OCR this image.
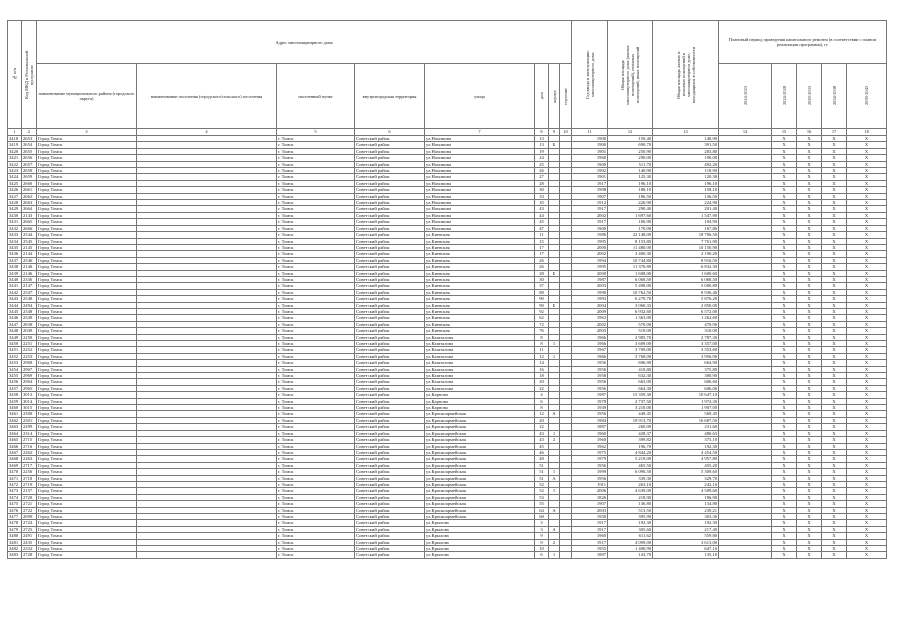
№ п/п	Код МКД в Региональной программе	Адрес многоквартирного дома								Год ввода в эксплуатацию многоквартирного дома	Общая площадь многоквартирного дома (жилых помещений), нежилых помещений, иных помещений	Общая площадь жилых и нежилых помещений в многоквартирном доме, находящихся в собственности	Плановый период проведения капитального ремонта (в соответствии с планом реализации программы), гг.				
		наименование муниципального района (городского округа)	наименование поселения (городского/сельского) поселения	населенный пункт	внутригородская территория	улица	дом	корпус	строение				2014-2023	2024-2028	2029-2033	2034-2038	2039-2043

1	2	3	4	5	6	7	8	9	10	11	12	13	14	15	16	17	18
3418	2653	Город Томск		г. Томск	Советский район	ул.Нахимова	13			1900	150,40	140,90		X	X	X	X
3419	2654	Город Томск		г. Томск	Советский район	ул.Нахимова	13	Б		1900	690,70	391,50		X	X	X	X
3420	2655	Город Томск		г. Томск	Советский район	ул.Нахимова	19			1901	250,90	283,80		X	X	X	X
3421	2656	Город Томск		г. Томск	Советский район	ул.Нахимова	24			1960	290,00	190,00		X	X	X	X
3422	2657	Город Томск		г. Томск	Советский район	ул.Нахимова	25			1900	511,70	492,20		X	X	X	X
3423	2658	Город Томск		г. Томск	Советский район	ул.Нахимова	26			1902	140,90	118,90		X	X	X	X
3424	2659	Город Томск		г. Томск	Советский район	ул.Нахимова	27			1901	125,30	120,30		X	X	X	X
3425	2660	Город Томск		г. Томск	Советский район	ул.Нахимова	28			1917	196,10	196,10		X	X	X	X
3426	2661	Город Томск		г. Томск	Советский район	ул.Нахимова	30			1908	188,10	158,10		X	X	X	X
3427	2662	Город Томск		г. Томск	Советский район	ул.Нахимова	33			1907	186,50	136,50		X	X	X	X
3428	2663	Город Томск		г. Томск	Советский район	ул.Нахимова	35			1912	226,90	224,90		X	X	X	X
3429	2664	Город Томск		г. Томск	Советский район	ул.Нахимова	43			1917	290,40	201,40		X	X	X	X
3430	2143	Город Томск		г. Томск	Советский район	ул.Нахимова	44			2002	1 697,60	1 547,90		X	X	X	X
3431	2665	Город Томск		г. Томск	Советский район	ул.Нахимова	45			1917	106,90	104,90		X	X	X	X
3432	2666	Город Томск		г. Томск	Советский район	ул.Нахимова	47			1900	170,00	167,80		X	X	X	X
3433	2544	Город Томск		г. Томск	Советский район	ул.Киевская	11			1986	22 148,00	18 706,50		X	X	X	X
3434	2545	Город Томск		г. Томск	Советский район	ул.Киевская	15			1995	8 153,80	7 761,90		X	X	X	X
3435	2145	Город Томск		г. Томск	Советский район	ул.Киевская	17			2000	11 480,00	10 150,90		X	X	X	X
3436	2144	Город Томск		г. Томск	Советский район	ул.Киевская	17			2002	2 400,30	2 190,20		X	X	X	X
3437	2546	Город Томск		г. Томск	Советский район	ул.Киевская	26			1994	10 744,80	8 916,50		X	X	X	X
3438	2146	Город Томск		г. Томск	Советский район	ул.Киевская	26			1995	11 370,80	6 832,30		X	X	X	X
3439	2146	Город Томск		г. Томск	Советский район	ул.Киевская	28	Б		2000	1 608,00	1 600,60		X	X	X	X
3440	2336	Город Томск		г. Томск	Советский район	ул.Киевская	30			1987	6 068,50	6 068,50		X	X	X	X
3441	2147	Город Томск		г. Томск	Советский район	ул.Киевская	37			2003	5 498,00	5 000,80		X	X	X	X
3442	2547	Город Томск		г. Томск	Советский район	ул.Киевская	88			1990	10 762,50	8 936,40		X	X	X	X
3443	2548	Город Томск		г. Томск	Советский район	ул.Киевская	90			1993	6 270,70	5 876,20		X	X	X	X
3444	2494	Город Томск		г. Томск	Советский район	ул.Киевская	90	Б		2004	3 060,33	2 850,00		X	X	X	X
3445	2548	Город Томск		г. Томск	Советский район	ул.Киевская	92			2009	6 932,60	6 572,00		X	X	X	X
3446	2549	Город Томск		г. Томск	Советский район	ул.Киевская	62			1963	1 363,00	1 262,60		X	X	X	X
3447	2838	Город Томск		г. Томск	Советский район	ул.Киевская	72			2002	570,00	470,90		X	X	X	X
3448	2049	Город Томск		г. Томск	Советский район	ул.Киевская	76			2003	519,00	310,00		X	X	X	X
3449	2250	Город Томск		г. Томск	Советский район	ул.Кашталова	8			1966	2 985,70	2 787,30		X	X	X	X
3450	2251	Город Томск		г. Томск	Советский район	ул.Кашталова	8	1		1966	3 609,00	3 357,00		X	X	X	X
3451	2252	Город Томск		г. Томск	Советский район	ул.Кашталова	11			1967	3 709,00	3 553,60		X	X	X	X
3452	2253	Город Томск		г. Томск	Советский район	ул.Кашталова	12	1		1966	3 768,00	3 956,90		X	X	X	X
3453	2968	Город Томск		г. Томск	Советский район	ул.Кашталова	14			1956	696,90	664,90		X	X	X	X
3454	2967	Город Томск		г. Томск	Советский район	ул.Кашталова	16			1956	410,80	375,80		X	X	X	X
3455	2969	Город Томск		г. Томск	Советский район	ул.Кашталова	18			1958	632,30	300,90		X	X	X	X
3456	2964	Город Томск		г. Томск	Советский район	ул.Кашталова	20			1956	663,00	606,60		X	X	X	X
3457	2965	Город Томск		г. Томск	Советский район	ул.Кашталова	22			1956	664,30	606,00		X	X	X	X
3458	3013	Город Томск		г. Томск	Советский район	ул.Карпова	4			1987	15 359,30	10 647,10		X	X	X	X
3459	3014	Город Томск		г. Томск	Советский район	ул.Карпова	6			1978	2 737,50	1 974,30		X	X	X	X
3460	3015	Город Томск		г. Томск	Советский район	ул.Карпова	8			1939	3 210,00	1 907,00		X	X	X	X
3461	2300	Город Томск		г. Томск	Советский район	ул.Красноармейская	12	А		1956	449,45	569,45		X	X	X	X
3462	2301	Город Томск		г. Томск	Советский район	ул.Красноармейская	20			1984	19 913,70	16 687,50		X	X	X	X
3463	2299	Город Томск		г. Томск	Советский район	ул.Красноармейская	22			1887	260,00	231,60		X	X	X	X
3464	2314	Город Томск		г. Томск	Советский район	ул.Красноармейская	43	1		1960	428,37	480,63		X	X	X	X
3465	2715	Город Томск		г. Томск	Советский район	ул.Красноармейская	43	2		1960	399,82	375,10		X	X	X	X
3466	2716	Город Томск		г. Томск	Советский район	ул.Красноармейская	45			1962	196,70	192,30		X	X	X	X
3467	2262	Город Томск		г. Томск	Советский район	ул.Красноармейская	46			1975	4 844,20	4 454,50		X	X	X	X
3468	2263	Город Томск		г. Томск	Советский район	ул.Красноармейская	48			1979	5 219,00	4 957,80		X	X	X	X
3469	2717	Город Томск		г. Томск	Советский район	ул.Красноармейская	51			1956	465,50	455,20		X	X	X	X
3470	2256	Город Томск		г. Томск	Советский район	ул.Красноармейская	51	1		1999	6 096,50	5 309,60		X	X	X	X
3471	2718	Город Томск		г. Томск	Советский район	ул.Красноармейская	51	А		1956	339,30	329,70		X	X	X	X
3472	2719	Город Томск		г. Томск	Советский район	ул.Красноармейская	52			1911	263,10	242,10		X	X	X	X
3473	2157	Город Томск		г. Томск	Советский район	ул.Красноармейская	52	1		2006	4 639,00	4 509,60		X	X	X	X
3474	2720	Город Томск		г. Томск	Советский район	ул.Красноармейская	53			1826	218,90	196,90		X	X	X	X
3475	2721	Город Томск		г. Томск	Советский район	ул.Красноармейская	55			1907	136,80	134,80		X	X	X	X
3476	2722	Город Томск		г. Томск	Советский район	ул.Красноармейская	64	А		2003	513,50	239,21		X	X	X	X
3477	2090	Город Томск		г. Томск	Советский район	ул.Красноармейская	68			1958	395,90	303,30		X	X	X	X
3478	2724	Город Томск		г. Томск	Советский район	ул.Крылова	3			1917	192,30	192,30		X	X	X	X
3479	2725	Город Томск		г. Томск	Советский район	ул.Крылова	3	А		1917	305,60	217,40		X	X	X	X
3480	2491	Город Томск		г. Томск	Советский район	ул.Крылова	9			1960	611,62	559,80		X	X	X	X
3481	2435	Город Томск		г. Томск	Советский район	ул.Крылова	9	2		1917	4 099,00	3 613,00		X	X	X	X
3482	2332	Город Томск		г. Томск	Советский район	ул.Крылова	10			1955	1 400,90	647,10		X	X	X	X
3483	2728	Город Томск		г. Томск	Советский район	ул.Крылова	6	1		1887	143,70	135,10		X	X	X	X
